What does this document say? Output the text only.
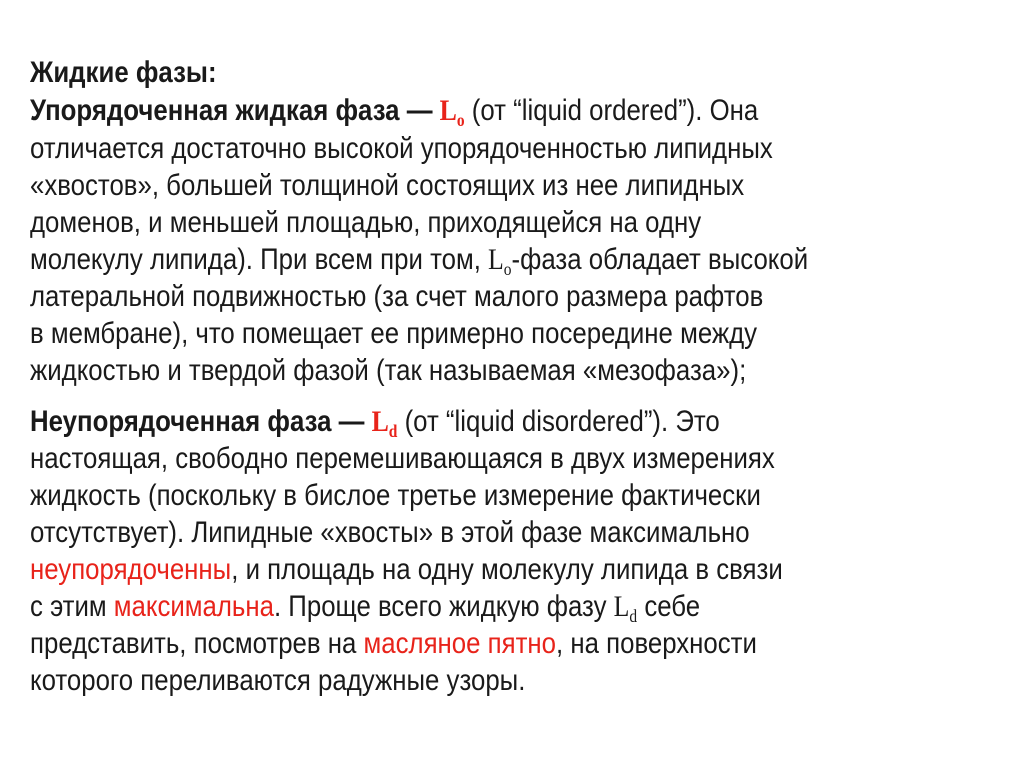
Жидкие фазы:
Упорядоченная жидкая фаза — $L_o$ (от “liquid ordered”). Она
отличается достаточно высокой упорядоченностью липидных
«хвостов», большей толщиной состоящих из нее липидных
доменов, и меньшей площадью, приходящейся на одну
молекулу липида). При всем при том, $L_o$-фаза обладает высокой
латеральной подвижностью (за счет малого размера рафтов
в мембране), что помещает ее примерно посередине между
жидкостью и твердой фазой (так называемая «мезофаза»);
Неупорядоченная фаза — $L_d$ (от “liquid disordered”). Это
настоящая, свободно перемешивающаяся в двух измерениях
жидкость (поскольку в бислое третье измерение фактически
отсутствует). Липидные «хвосты» в этой фазе максимально
неупорядоченны, и площадь на одну молекулу липида в связи
с этим максимальна. Проще всего жидкую фазу $L_d$ себе
представить, посмотрев на масляное пятно, на поверхности
которого переливаются радужные узоры.
